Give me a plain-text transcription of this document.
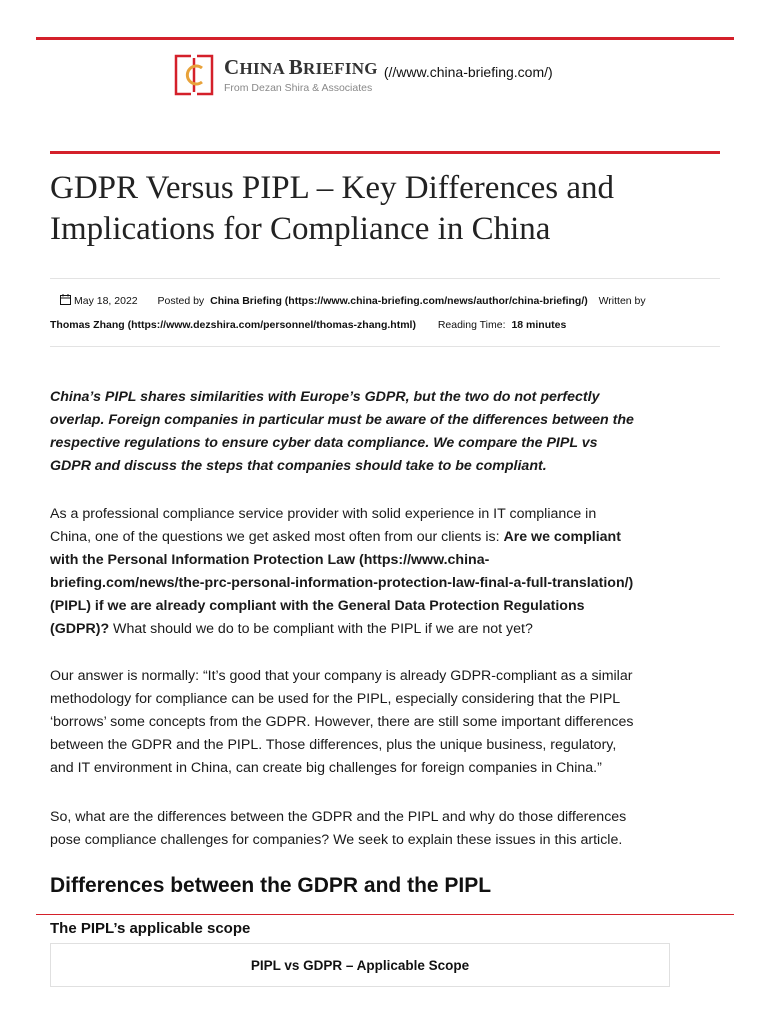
CHINA BRIEFING
From Dezan Shira & Associates
(//www.china-briefing.com/)
GDPR Versus PIPL – Key Differences and Implications for Compliance in China
May 18, 2022 Posted by China Briefing (https://www.china-briefing.com/news/author/china-briefing/) Written by
Thomas Zhang (https://www.dezshira.com/personnel/thomas-zhang.html) Reading Time: 18 minutes

China’s PIPL shares similarities with Europe’s GDPR, but the two do not perfectly
overlap. Foreign companies in particular must be aware of the differences between the
respective regulations to ensure cyber data compliance. We compare the PIPL vs
GDPR and discuss the steps that companies should take to be compliant.

As a professional compliance service provider with solid experience in IT compliance in
China, one of the questions we get asked most often from our clients is: Are we compliant
with the Personal Information Protection Law (https://www.china-
briefing.com/news/the-prc-personal-information-protection-law-final-a-full-translation/)
(PIPL) if we are already compliant with the General Data Protection Regulations
(GDPR)? What should we do to be compliant with the PIPL if we are not yet?

Our answer is normally: “It’s good that your company is already GDPR-compliant as a similar
methodology for compliance can be used for the PIPL, especially considering that the PIPL
‘borrows’ some concepts from the GDPR. However, there are still some important differences
between the GDPR and the PIPL. Those differences, plus the unique business, regulatory,
and IT environment in China, can create big challenges for foreign companies in China.”

So, what are the differences between the GDPR and the PIPL and why do those differences
pose compliance challenges for companies? We seek to explain these issues in this article.

Differences between the GDPR and the PIPL
The PIPL’s applicable scope
PIPL vs GDPR – Applicable Scope
